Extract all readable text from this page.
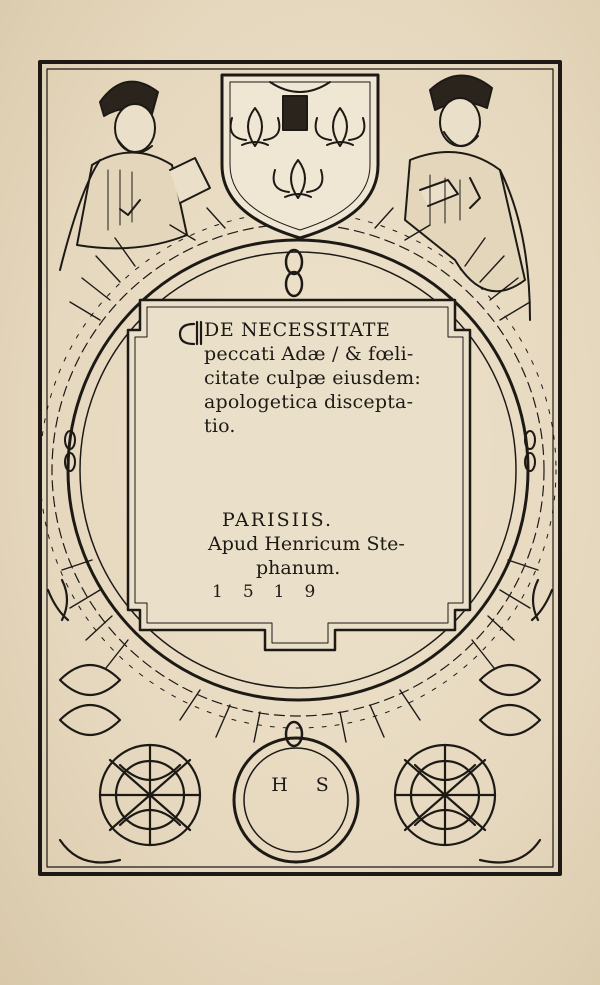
DE NECESSITATE

peccati Adæ / & fœli-

citate culpæ eiusdem:

apologetica discepta-

tio.

PARISIIS.

Apud Henricum Ste-

phanum.

1519

HS
